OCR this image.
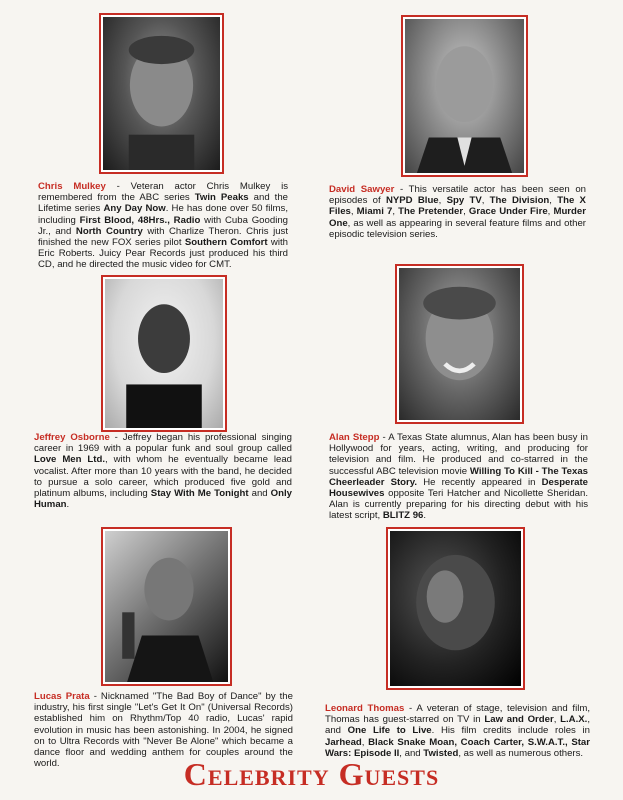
Chris Mulkey - Veteran actor Chris Mulkey is remembered from the ABC series Twin Peaks and the Lifetime series Any Day Now. He has done over 50 films, including First Blood, 48Hrs., Radio with Cuba Gooding Jr., and North Country with Charlize Theron. Chris just finished the new FOX series pilot Southern Comfort with Eric Roberts. Juicy Pear Records just produced his third CD, and he directed the music video for CMT.

David Sawyer - This versatile actor has been seen on episodes of NYPD Blue, Spy TV, The Division, The X Files, Miami 7, The Pretender, Grace Under Fire, Murder One, as well as appearing in several feature films and other episodic television series.

Jeffrey Osborne - Jeffrey began his professional singing career in 1969 with a popular funk and soul group called Love Men Ltd., with whom he eventually became lead vocalist. After more than 10 years with the band, he decided to pursue a solo career, which produced five gold and platinum albums, including Stay With Me Tonight and Only Human.

Alan Stepp - A Texas State alumnus, Alan has been busy in Hollywood for years, acting, writing, and producing for television and film. He produced and co-starred in the successful ABC television movie Willing To Kill - The Texas Cheerleader Story. He recently appeared in Desperate Housewives opposite Teri Hatcher and Nicollette Sheridan. Alan is currently preparing for his directing debut with his latest script, BLITZ 96.

Lucas Prata - Nicknamed "The Bad Boy of Dance" by the industry, his first single "Let's Get It On" (Universal Records) established him on Rhythm/Top 40 radio, Lucas' rapid evolution in music has been astonishing. In 2004, he signed on to Ultra Records with "Never Be Alone" which became a dance floor and wedding anthem for couples around the world.

Leonard Thomas - A veteran of stage, television and film, Thomas has guest-starred on TV in Law and Order, L.A.X., and One Life to Live. His film credits include roles in Jarhead, Black Snake Moan, Coach Carter, S.W.A.T., Star Wars: Episode II, and Twisted, as well as numerous others.

Celebrity Guests
